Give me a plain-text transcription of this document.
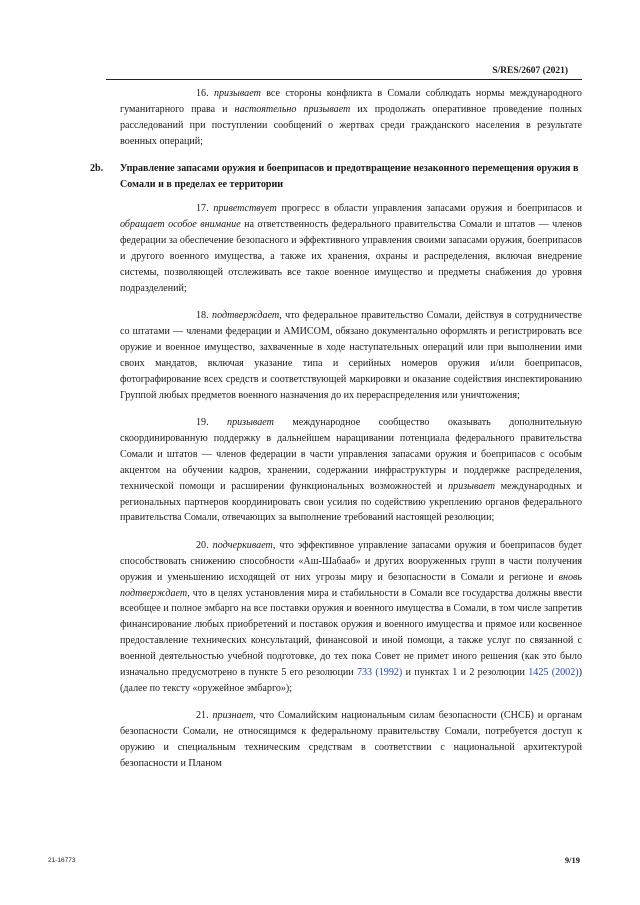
S/RES/2607 (2021)

16. призывает все стороны конфликта в Сомали соблюдать нормы международного гуманитарного права и настоятельно призывает их продолжать оперативное проведение полных расследований при поступлении сообщений о жертвах среди гражданского населения в результате военных операций;

2b. Управление запасами оружия и боеприпасов и предотвращение незаконного перемещения оружия в Сомали и в пределах ее территории

17. приветствует прогресс в области управления запасами оружия и боеприпасов и обращает особое внимание на ответственность федерального правительства Сомали и штатов — членов федерации за обеспечение безопасного и эффективного управления своими запасами оружия, боеприпасов и другого военного имущества, а также их хранения, охраны и распределения, включая внедрение системы, позволяющей отслеживать все такое военное имущество и предметы снабжения до уровня подразделений;

18. подтверждает, что федеральное правительство Сомали, действуя в сотрудничестве со штатами — членами федерации и АМИСОМ, обязано документально оформлять и регистрировать все оружие и военное имущество, захваченные в ходе наступательных операций или при выполнении ими своих мандатов, включая указание типа и серийных номеров оружия и/или боеприпасов, фотографирование всех средств и соответствующей маркировки и оказание содействия инспектированию Группой любых предметов военного назначения до их перераспределения или уничтожения;

19. призывает международное сообщество оказывать дополнительную скоординированную поддержку в дальнейшем наращивании потенциала федерального правительства Сомали и штатов — членов федерации в части управления запасами оружия и боеприпасов с особым акцентом на обучении кадров, хранении, содержании инфраструктуры и поддержке распределения, технической помощи и расширении функциональных возможностей и призывает международных и региональных партнеров координировать свои усилия по содействию укреплению органов федерального правительства Сомали, отвечающих за выполнение требований настоящей резолюции;

20. подчеркивает, что эффективное управление запасами оружия и боеприпасов будет способствовать снижению способности «Аш-Шабааб» и других вооруженных групп в части получения оружия и уменьшению исходящей от них угрозы миру и безопасности в Сомали и регионе и вновь подтверждает, что в целях установления мира и стабильности в Сомали все государства должны ввести всеобщее и полное эмбарго на все поставки оружия и военного имущества в Сомали, в том числе запретив финансирование любых приобретений и поставок оружия и военного имущества и прямое или косвенное предоставление технических консультаций, финансовой и иной помощи, а также услуг по связанной с военной деятельностью учебной подготовке, до тех пока Совет не примет иного решения (как это было изначально предусмотрено в пункте 5 его резолюции 733 (1992) и пунктах 1 и 2 резолюции 1425 (2002)) (далее по тексту «оружейное эмбарго»);

21. признает, что Сомалийским национальным силам безопасности (СНСБ) и органам безопасности Сомали, не относящимся к федеральному правительству Сомали, потребуется доступ к оружию и специальным техническим средствам в соответствии с национальной архитектурой безопасности и Планом

21-16773	9/19
